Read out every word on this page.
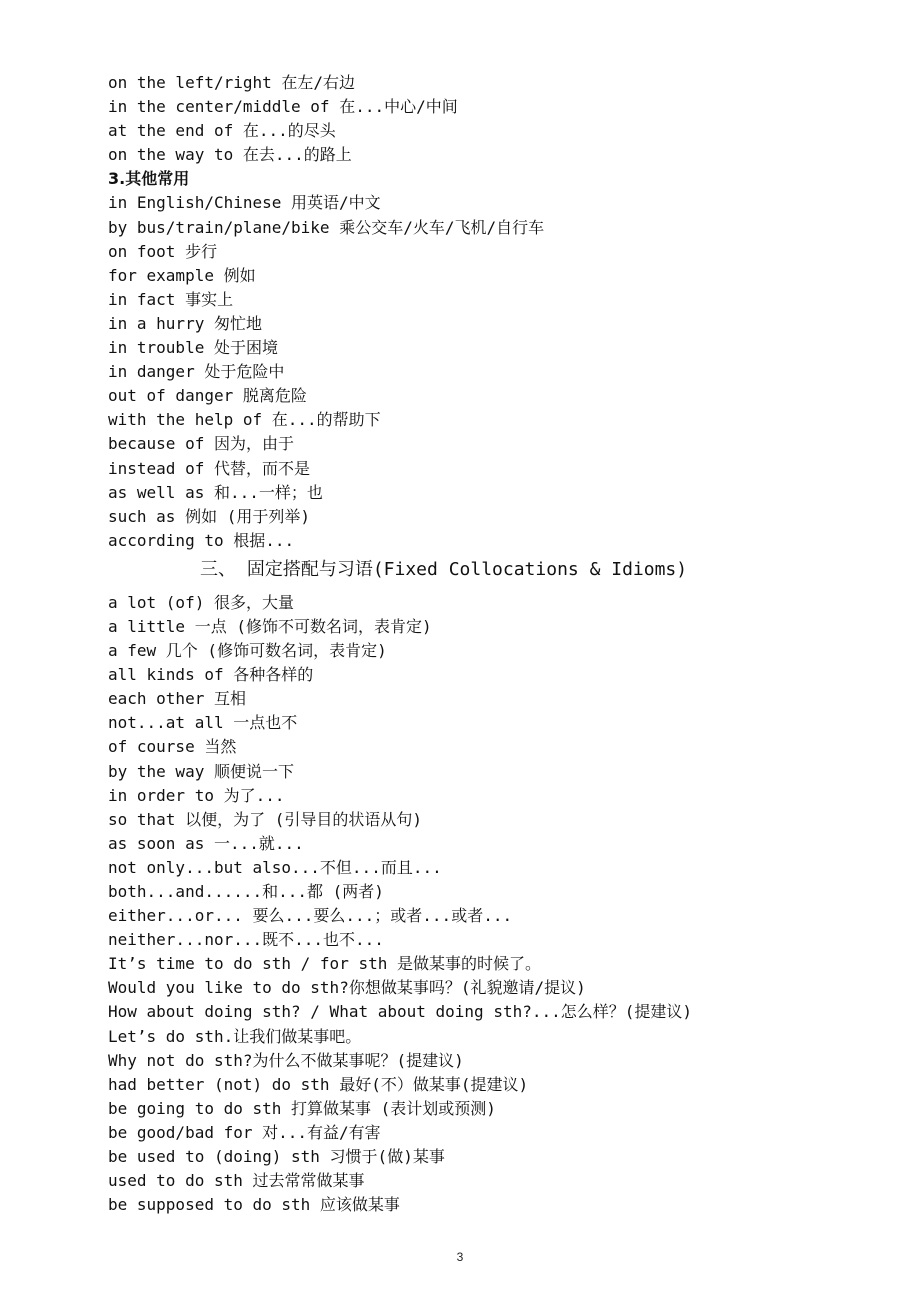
on the left/right 在左/右边
in the center/middle of 在...中心/中间
at the end of 在...的尽头
on the way to 在去...的路上
3.其他常用
in English/Chinese 用英语/中文
by bus/train/plane/bike 乘公交车/火车/飞机/自行车
on foot 步行
for example 例如
in fact 事实上
in a hurry 匆忙地
in trouble 处于困境
in danger 处于危险中
out of danger 脱离危险
with the help of 在...的帮助下
because of 因为，由于
instead of 代替，而不是
as well as 和...一样；也
such as 例如 (用于列举)
according to 根据...
三、 固定搭配与习语(Fixed Collocations & Idioms)
a lot (of) 很多，大量
a little 一点 (修饰不可数名词，表肯定)
a few 几个 (修饰可数名词，表肯定)
all kinds of 各种各样的
each other 互相
not...at all 一点也不
of course 当然
by the way 顺便说一下
in order to 为了...
so that 以便，为了 (引导目的状语从句)
as soon as 一...就...
not only...but also...不但...而且...
both...and......和...都 (两者)
either...or... 要么...要么...；或者...或者...
neither...nor...既不...也不...
It’s time to do sth / for sth 是做某事的时候了。
Would you like to do sth?你想做某事吗？(礼貌邀请/提议)
How about doing sth? / What about doing sth?...怎么样？(提建议)
Let’s do sth.让我们做某事吧。
Why not do sth?为什么不做某事呢？(提建议)
had better (not) do sth 最好(不）做某事(提建议)
be going to do sth 打算做某事 (表计划或预测)
be good/bad for 对...有益/有害
be used to (doing) sth 习惯于(做)某事
used to do sth 过去常常做某事
be supposed to do sth 应该做某事
3
